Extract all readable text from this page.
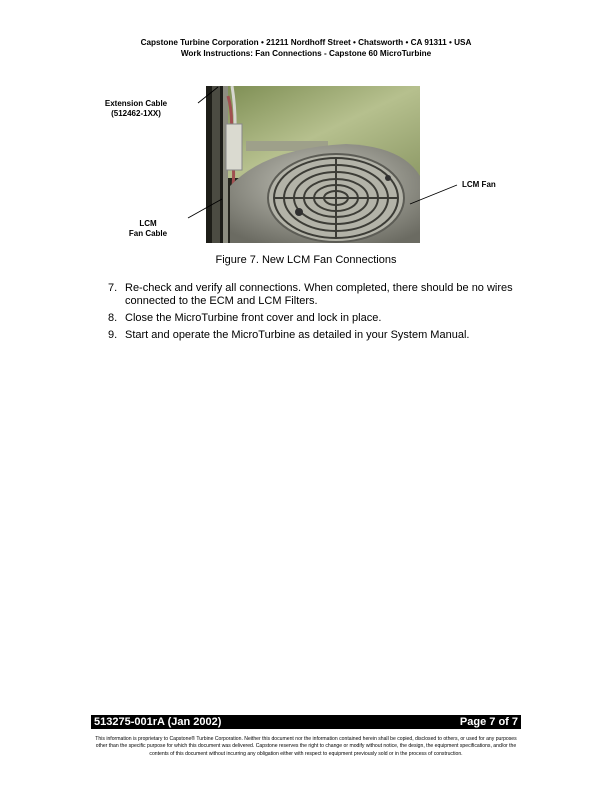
Capstone Turbine Corporation • 21211 Nordhoff Street • Chatsworth • CA 91311 • USA
Work Instructions: Fan Connections - Capstone 60 MicroTurbine
Extension Cable
(512462-1XX)
LCM
Fan Cable
LCM Fan
Figure 7. New LCM Fan Connections
7. Re-check and verify all connections. When completed, there should be no wires connected to the ECM and LCM Filters.
8. Close the MicroTurbine front cover and lock in place.
9. Start and operate the MicroTurbine as detailed in your System Manual.
513275-001rA (Jan 2002)	Page 7 of 7
This information is proprietary to Capstone® Turbine Corporation. Neither this document nor the information contained herein shall be copied, disclosed to others, or used for any purposes other than the specific purpose for which this document was delivered. Capstone reserves the right to change or modify without notice, the design, the equipment specifications, and/or the contents of this document without incurring any obligation either with respect to equipment previously sold or in the process of construction.
